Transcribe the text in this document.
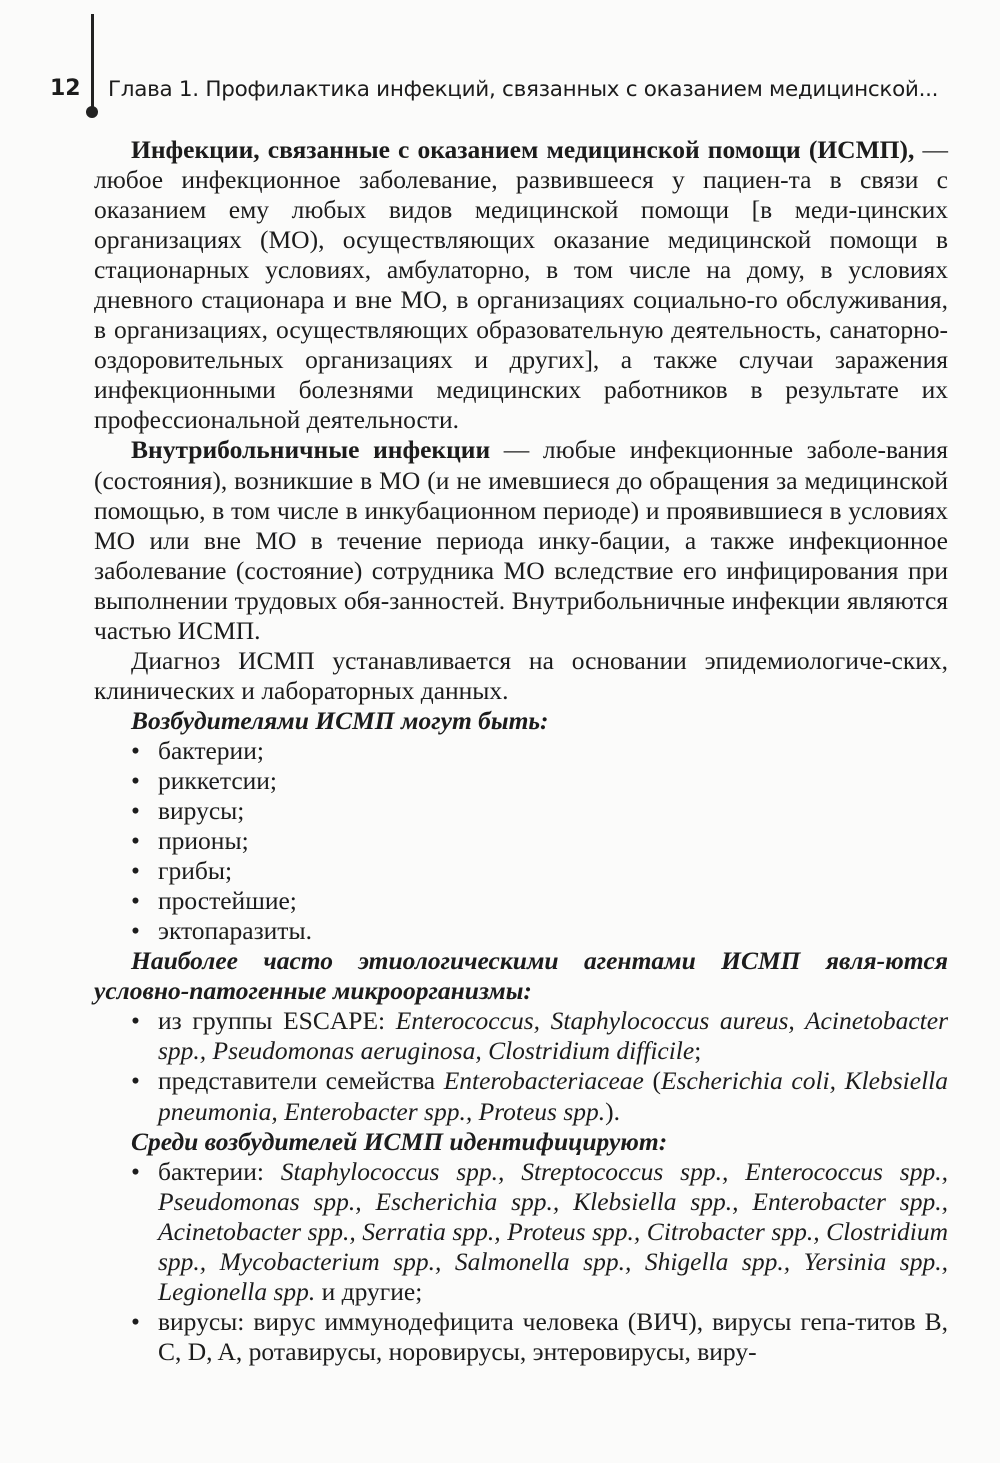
12 Глава 1. Профилактика инфекций, связанных с оказанием медицинской...

Инфекции, связанные с оказанием медицинской помощи (ИСМП), — любое инфекционное заболевание, развившееся у пациен-та в связи с оказанием ему любых видов медицинской помощи [в меди-цинских организациях (МО), осуществляющих оказание медицинской помощи в стационарных условиях, амбулаторно, в том числе на дому, в условиях дневного стационара и вне МО, в организациях социально-го обслуживания, в организациях, осуществляющих образовательную деятельность, санаторно-оздоровительных организациях и других], а также случаи заражения инфекционными болезнями медицинских работников в результате их профессиональной деятельности.

Внутрибольничные инфекции — любые инфекционные заболе-вания (состояния), возникшие в МО (и не имевшиеся до обращения за медицинской помощью, в том числе в инкубационном периоде) и проявившиеся в условиях МО или вне МО в течение периода инку-бации, а также инфекционное заболевание (состояние) сотрудника МО вследствие его инфицирования при выполнении трудовых обя-занностей. Внутрибольничные инфекции являются частью ИСМП.

Диагноз ИСМП устанавливается на основании эпидемиологиче-ских, клинических и лабораторных данных.

Возбудителями ИСМП могут быть:

• бактерии;
• риккетсии;
• вирусы;
• прионы;
• грибы;
• простейшие;
• эктопаразиты.

Наиболее часто этиологическими агентами ИСМП явля-ются условно-патогенные микроорганизмы:

• из группы ESCAPE: Enterococcus, Staphylococcus aureus, Acinetobacter spp., Pseudomonas aeruginosa, Clostridium difficile;
• представители семейства Enterobacteriaceae (Escherichia coli, Klebsiella pneumonia, Enterobacter spp., Proteus spp.).

Среди возбудителей ИСМП идентифицируют:

• бактерии: Staphylococcus spp., Streptococcus spp., Enterococcus spp., Pseudomonas spp., Escherichia spp., Klebsiella spp., Enterobacter spp., Acinetobacter spp., Serratia spp., Proteus spp., Citrobacter spp., Clostridium spp., Mycobacterium spp., Salmonella spp., Shigella spp., Yersinia spp., Legionella spp. и другие;
• вирусы: вирус иммунодефицита человека (ВИЧ), вирусы гепа-титов B, C, D, A, ротавирусы, норовирусы, энтеровирусы, виру-
